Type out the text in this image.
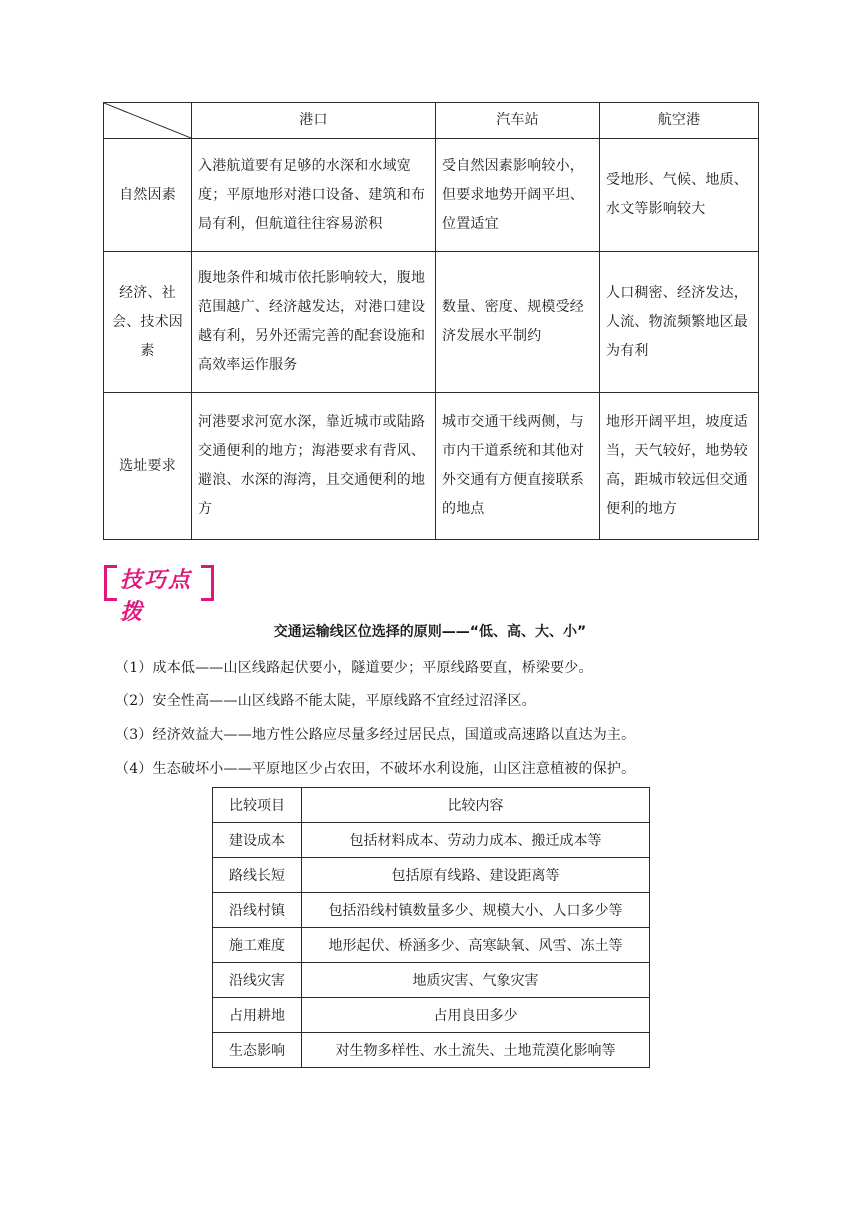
	港口	汽车站	航空港
自然因素	入港航道要有足够的水深和水域宽度；平原地形对港口设备、建筑和布局有利，但航道往往容易淤积	受自然因素影响较小，但要求地势开阔平坦、位置适宜	受地形、气候、地质、水文等影响较大
经济、社会、技术因素	腹地条件和城市依托影响较大，腹地范围越广、经济越发达，对港口建设越有利，另外还需完善的配套设施和高效率运作服务	数量、密度、规模受经济发展水平制约	人口稠密、经济发达，人流、物流频繁地区最为有利
选址要求	河港要求河宽水深，靠近城市或陆路交通便利的地方；海港要求有背风、避浪、水深的海湾，且交通便利的地方	城市交通干线两侧，与市内干道系统和其他对外交通有方便直接联系的地点	地形开阔平坦，坡度适当，天气较好，地势较高，距城市较远但交通便利的地方
技巧点拨
交通运输线区位选择的原则——“低、高、大、小”
（1）成本低——山区线路起伏要小，隧道要少；平原线路要直，桥梁要少。
（2）安全性高——山区线路不能太陡，平原线路不宜经过沼泽区。
（3）经济效益大——地方性公路应尽量多经过居民点，国道或高速路以直达为主。
（4）生态破坏小——平原地区少占农田，不破坏水利设施，山区注意植被的保护。
比较项目	比较内容
建设成本	包括材料成本、劳动力成本、搬迁成本等
路线长短	包括原有线路、建设距离等
沿线村镇	包括沿线村镇数量多少、规模大小、人口多少等
施工难度	地形起伏、桥涵多少、高寒缺氧、风雪、冻土等
沿线灾害	地质灾害、气象灾害
占用耕地	占用良田多少
生态影响	对生物多样性、水土流失、土地荒漠化影响等
